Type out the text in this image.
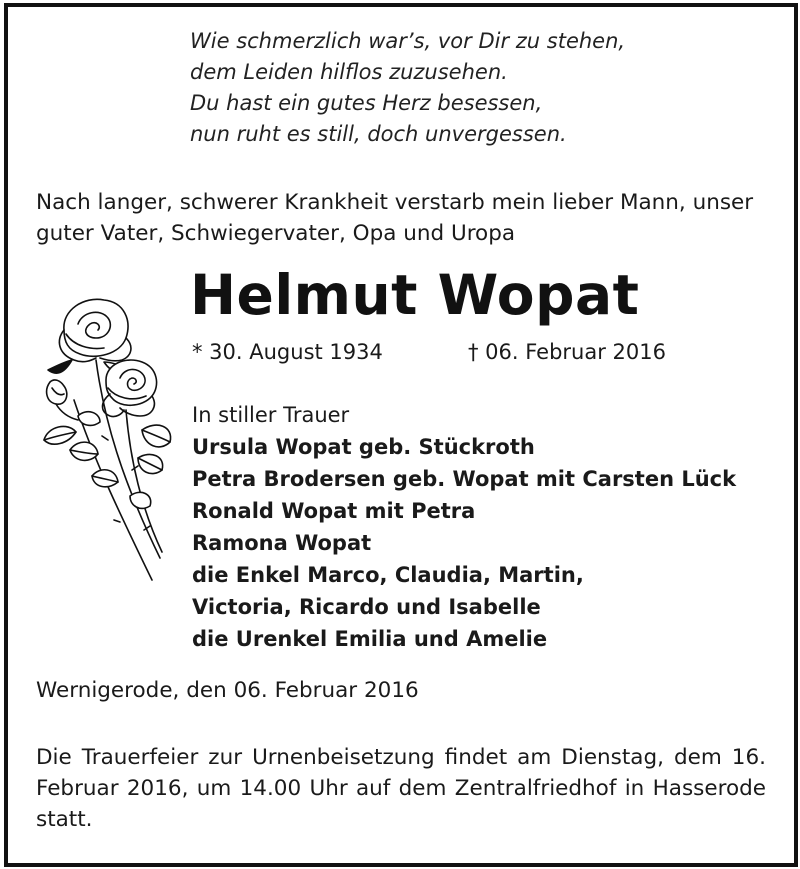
Wie schmerzlich war’s, vor Dir zu stehen,
dem Leiden hilflos zuzusehen.
Du hast ein gutes Herz besessen,
nun ruht es still, doch unvergessen.
Nach langer, schwerer Krankheit verstarb mein lieber Mann, unser guter Vater, Schwiegervater, Opa und Uropa
Helmut Wopat
* 30. August 1934	† 06. Februar 2016
In stiller Trauer
Ursula Wopat geb. Stückroth
Petra Brodersen geb. Wopat mit Carsten Lück
Ronald Wopat mit Petra
Ramona Wopat
die Enkel Marco, Claudia, Martin,
Victoria, Ricardo und Isabelle
die Urenkel Emilia und Amelie
Wernigerode, den 06. Februar 2016
Die Trauerfeier zur Urnenbeisetzung findet am Dienstag, dem 16. Februar 2016, um 14.00 Uhr auf dem Zentralfriedhof in Hasserode statt.
